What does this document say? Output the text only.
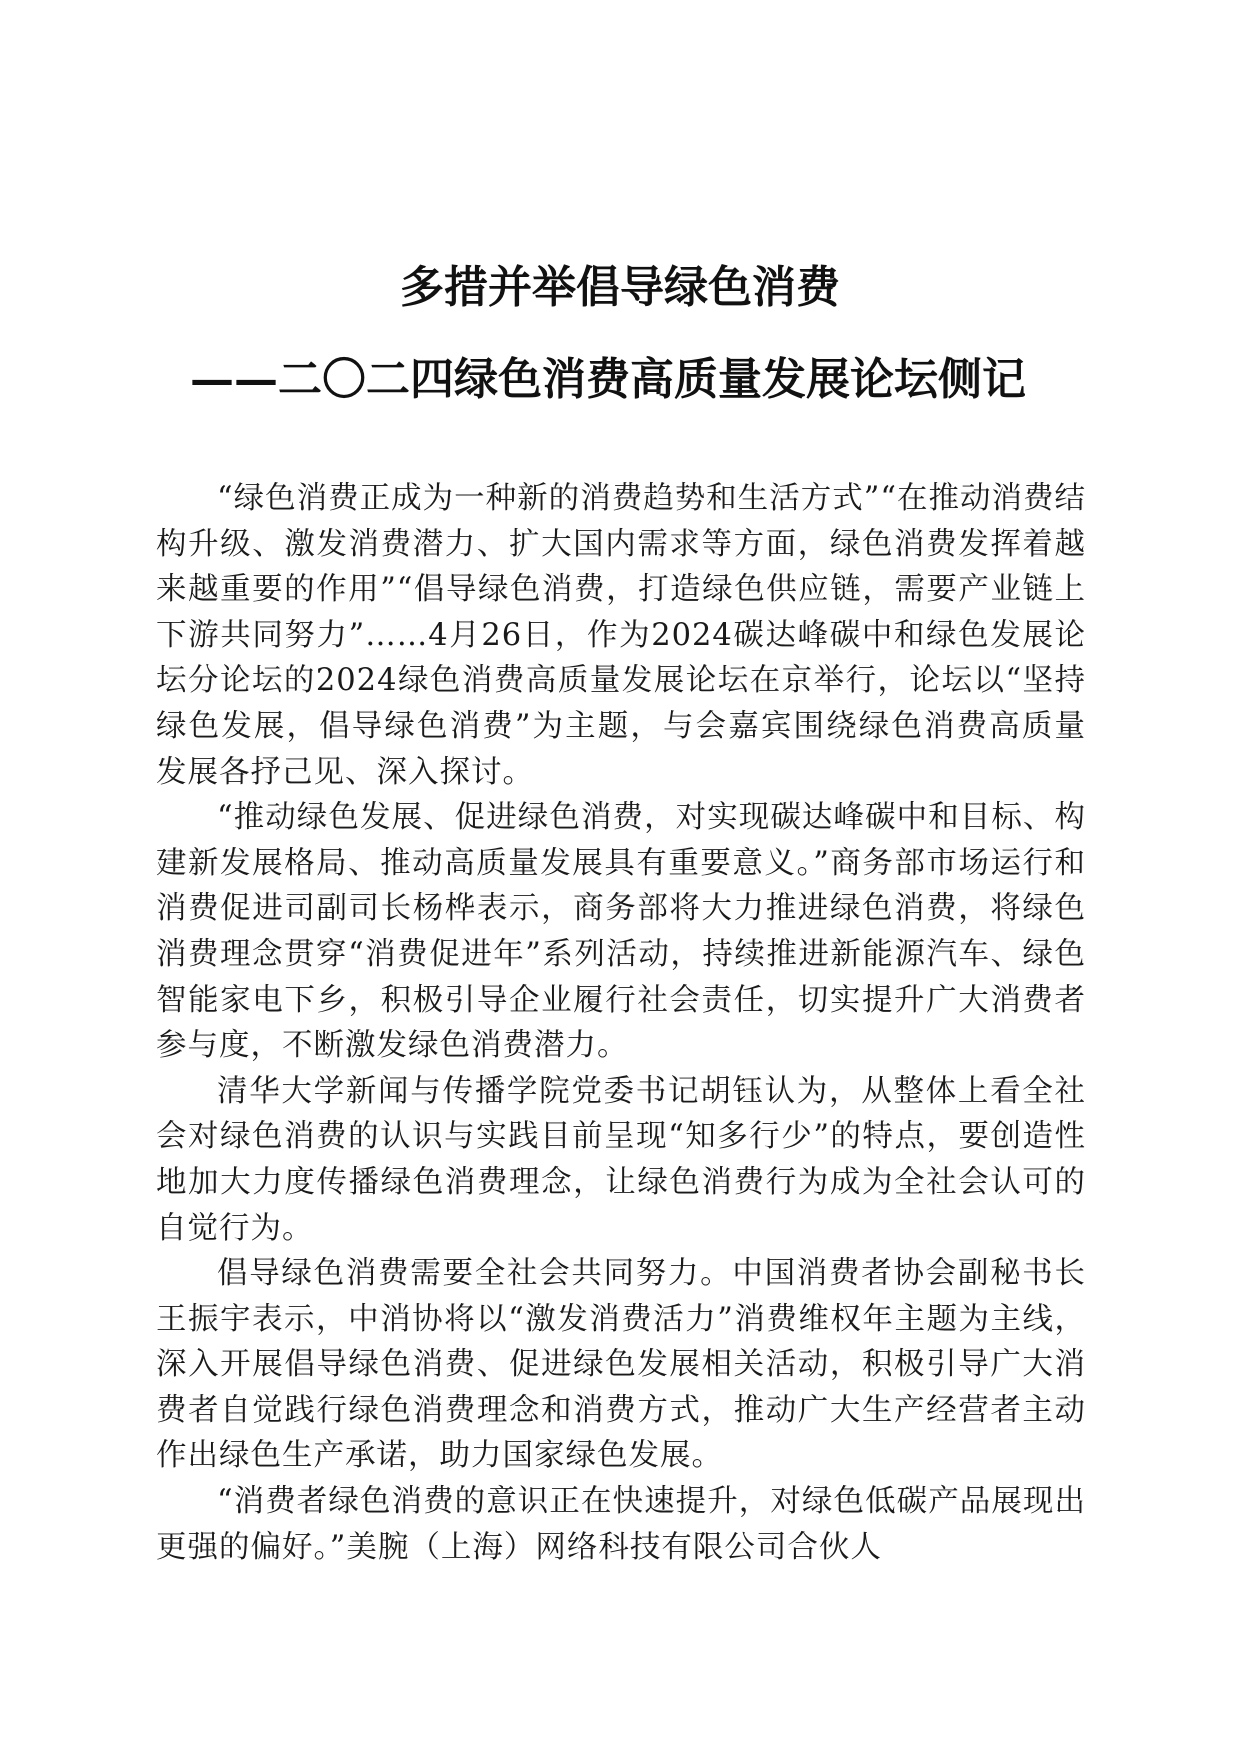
多措并举倡导绿色消费
——二〇二四绿色消费高质量发展论坛侧记

“绿色消费正成为一种新的消费趋势和生活方式”“在推动消费结构升级、激发消费潜力、扩大国内需求等方面，绿色消费发挥着越来越重要的作用”“倡导绿色消费，打造绿色供应链，需要产业链上下游共同努力”……4月26日，作为2024碳达峰碳中和绿色发展论坛分论坛的2024绿色消费高质量发展论坛在京举行，论坛以“坚持绿色发展，倡导绿色消费”为主题，与会嘉宾围绕绿色消费高质量发展各抒己见、深入探讨。

“推动绿色发展、促进绿色消费，对实现碳达峰碳中和目标、构建新发展格局、推动高质量发展具有重要意义。”商务部市场运行和消费促进司副司长杨桦表示，商务部将大力推进绿色消费，将绿色消费理念贯穿“消费促进年”系列活动，持续推进新能源汽车、绿色智能家电下乡，积极引导企业履行社会责任，切实提升广大消费者参与度，不断激发绿色消费潜力。

清华大学新闻与传播学院党委书记胡钰认为，从整体上看全社会对绿色消费的认识与实践目前呈现“知多行少”的特点，要创造性地加大力度传播绿色消费理念，让绿色消费行为成为全社会认可的自觉行为。

倡导绿色消费需要全社会共同努力。中国消费者协会副秘书长王振宇表示，中消协将以“激发消费活力”消费维权年主题为主线，深入开展倡导绿色消费、促进绿色发展相关活动，积极引导广大消费者自觉践行绿色消费理念和消费方式，推动广大生产经营者主动作出绿色生产承诺，助力国家绿色发展。

“消费者绿色消费的意识正在快速提升，对绿色低碳产品展现出更强的偏好。”美腕（上海）网络科技有限公司合伙人
